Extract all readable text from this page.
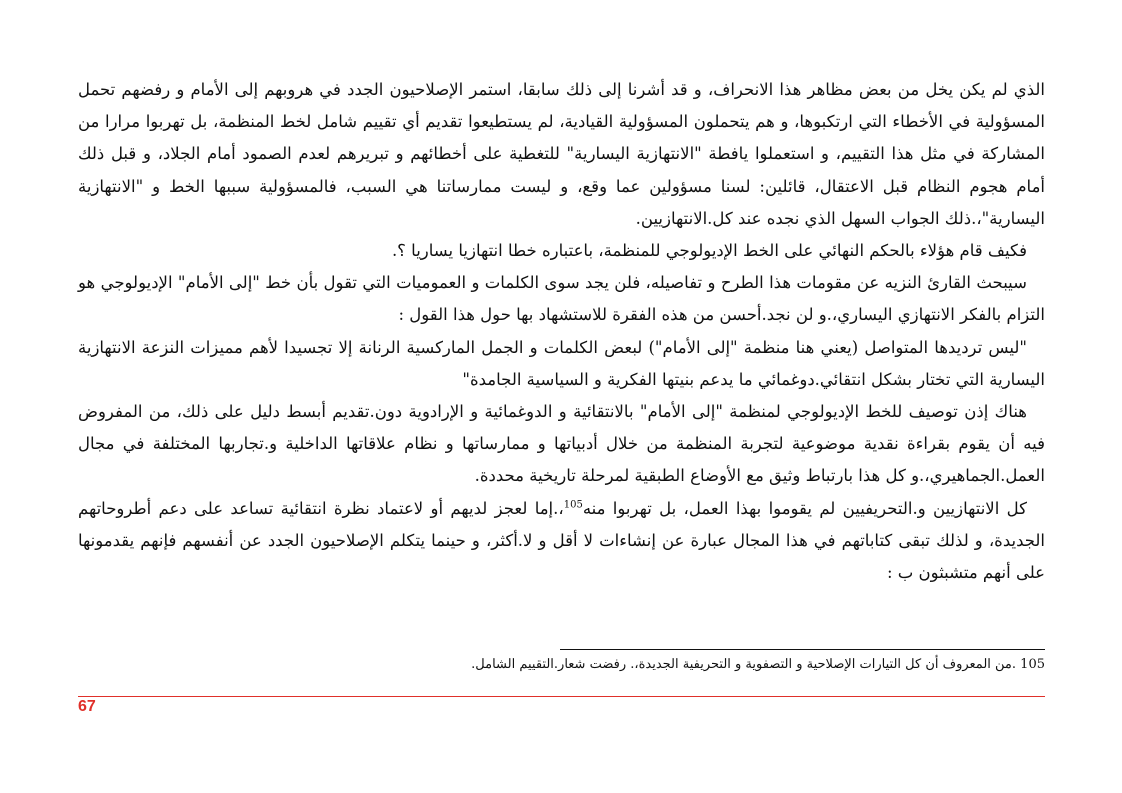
الذي لم يكن يخل من بعض مظاهر هذا الانحراف، و قد أشرنا إلى ذلك سابقا، استمر الإصلاحيون الجدد في هروبهم إلى الأمام و رفضهم تحمل المسؤولية في الأخطاء التي ارتكبوها، و هم يتحملون المسؤولية القيادية، لم يستطيعوا تقديم أي تقييم شامل لخط المنظمة، بل تهربوا مرارا من المشاركة في مثل هذا التقييم، و استعملوا يافطة "الانتهازية اليسارية" للتغطية على أخطائهم و تبريرهم لعدم الصمود أمام الجلاد، و قبل ذلك أمام هجوم النظام قبل الاعتقال، قائلين: لسنا مسؤولين عما وقع، و ليست ممارساتنا هي السبب، فالمسؤولية سببها الخط و "الانتهازية اليسارية"،.ذلك الجواب السهل الذي نجده عند كل.الانتهازيين.

فكيف قام هؤلاء بالحكم النهائي على الخط الإديولوجي للمنظمة، باعتباره خطا انتهازيا يساريا ؟.

سيبحث القارئ النزيه عن مقومات هذا الطرح و تفاصيله، فلن يجد سوى الكلمات و العموميات التي تقول بأن خط "إلى الأمام" الإديولوجي هو التزام بالفكر الانتهازي اليساري،.و لن نجد.أحسن من هذه الفقرة للاستشهاد بها حول هذا القول :

"ليس ترديدها المتواصل (يعني هنا منظمة "إلى الأمام") لبعض الكلمات و الجمل الماركسية الرنانة إلا تجسيدا لأهم مميزات النزعة الانتهازية اليسارية التي تختار بشكل انتقائي.دوغمائي ما يدعم بنيتها الفكرية و السياسية الجامدة"

هناك إذن توصيف للخط الإديولوجي لمنظمة "إلى الأمام" بالانتقائية و الدوغمائية و الإرادوية دون.تقديم أبسط دليل على ذلك، من المفروض فيه أن يقوم بقراءة نقدية موضوعية لتجربة المنظمة من خلال أدبياتها و ممارساتها و نظام علاقاتها الداخلية و.تجاربها المختلفة في مجال العمل.الجماهيري،.و كل هذا بارتباط وثيق مع الأوضاع الطبقية لمرحلة تاريخية محددة.

كل الانتهازيين و.التحريفيين لم يقوموا بهذا العمل، بل تهربوا منه$^{105}$،.إما لعجز لديهم أو لاعتماد نظرة انتقائية تساعد على دعم أطروحاتهم الجديدة، و لذلك تبقى كتاباتهم في هذا المجال عبارة عن إنشاءات لا أقل و لا.أكثر، و حينما يتكلم الإصلاحيون الجدد عن أنفسهم فإنهم يقدمونها على أنهم متشبثون ب :

105 .من المعروف أن كل التيارات الإصلاحية و التصفوية و التحريفية الجديدة،. رفضت شعار.التقييم الشامل.
67
